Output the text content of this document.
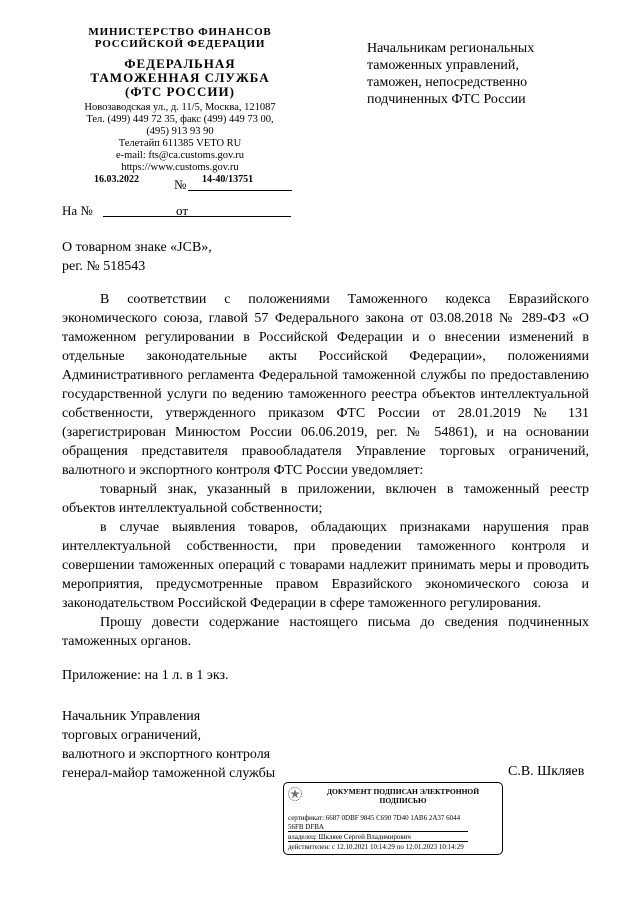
МИНИСТЕРСТВО ФИНАНСОВ
РОССИЙСКОЙ ФЕДЕРАЦИИ
ФЕДЕРАЛЬНАЯ
ТАМОЖЕННАЯ СЛУЖБА
(ФТС РОССИИ)
Новозаводская ул., д. 11/5, Москва, 121087
Тел. (499) 449 72 35, факс (499) 449 73 00,
(495) 913 93 90
Телетайп 611385 VETO RU
e-mail: fts@ca.customs.gov.ru
https://www.customs.gov.ru
16.03.2022	№ 14-40/13751
На №	от
Начальникам региональных
таможенных управлений,
таможен, непосредственно
подчиненных ФТС России
О товарном знаке «JCB»,
рег. № 518543

В соответствии с положениями Таможенного кодекса Евразийского экономического союза, главой 57 Федерального закона от 03.08.2018 № 289-ФЗ «О таможенном регулировании в Российской Федерации и о внесении изменений в отдельные законодательные акты Российской Федерации», положениями Административного регламента Федеральной таможенной службы по предоставлению государственной услуги по ведению таможенного реестра объектов интеллектуальной собственности, утвержденного приказом ФТС России от 28.01.2019 № 131 (зарегистрирован Минюстом России 06.06.2019, рег. № 54861), и на основании обращения представителя правообладателя Управление торговых ограничений, валютного и экспортного контроля ФТС России уведомляет:

товарный знак, указанный в приложении, включен в таможенный реестр объектов интеллектуальной собственности;

в случае выявления товаров, обладающих признаками нарушения прав интеллектуальной собственности, при проведении таможенного контроля и совершении таможенных операций с товарами надлежит принимать меры и проводить мероприятия, предусмотренные правом Евразийского экономического союза и законодательством Российской Федерации в сфере таможенного регулирования.

Прошу довести содержание настоящего письма до сведения подчиненных таможенных органов.

Приложение: на 1 л. в 1 экз.
Начальник Управления
торговых ограничений,
валютного и экспортного контроля
генерал-майор таможенной службы	С.В. Шкляев
ДОКУМЕНТ ПОДПИСАН ЭЛЕКТРОННОЙ
ПОДПИСЬЮ
сертификат: 6687 0DBF 9845 C690 7D40 1AB6 2A37 6044
56FB DFBA
владелец: Шкляев Сергей Владимирович
действителен: с 12.10.2021 10:14:29 по 12.01.2023 10:14:29
